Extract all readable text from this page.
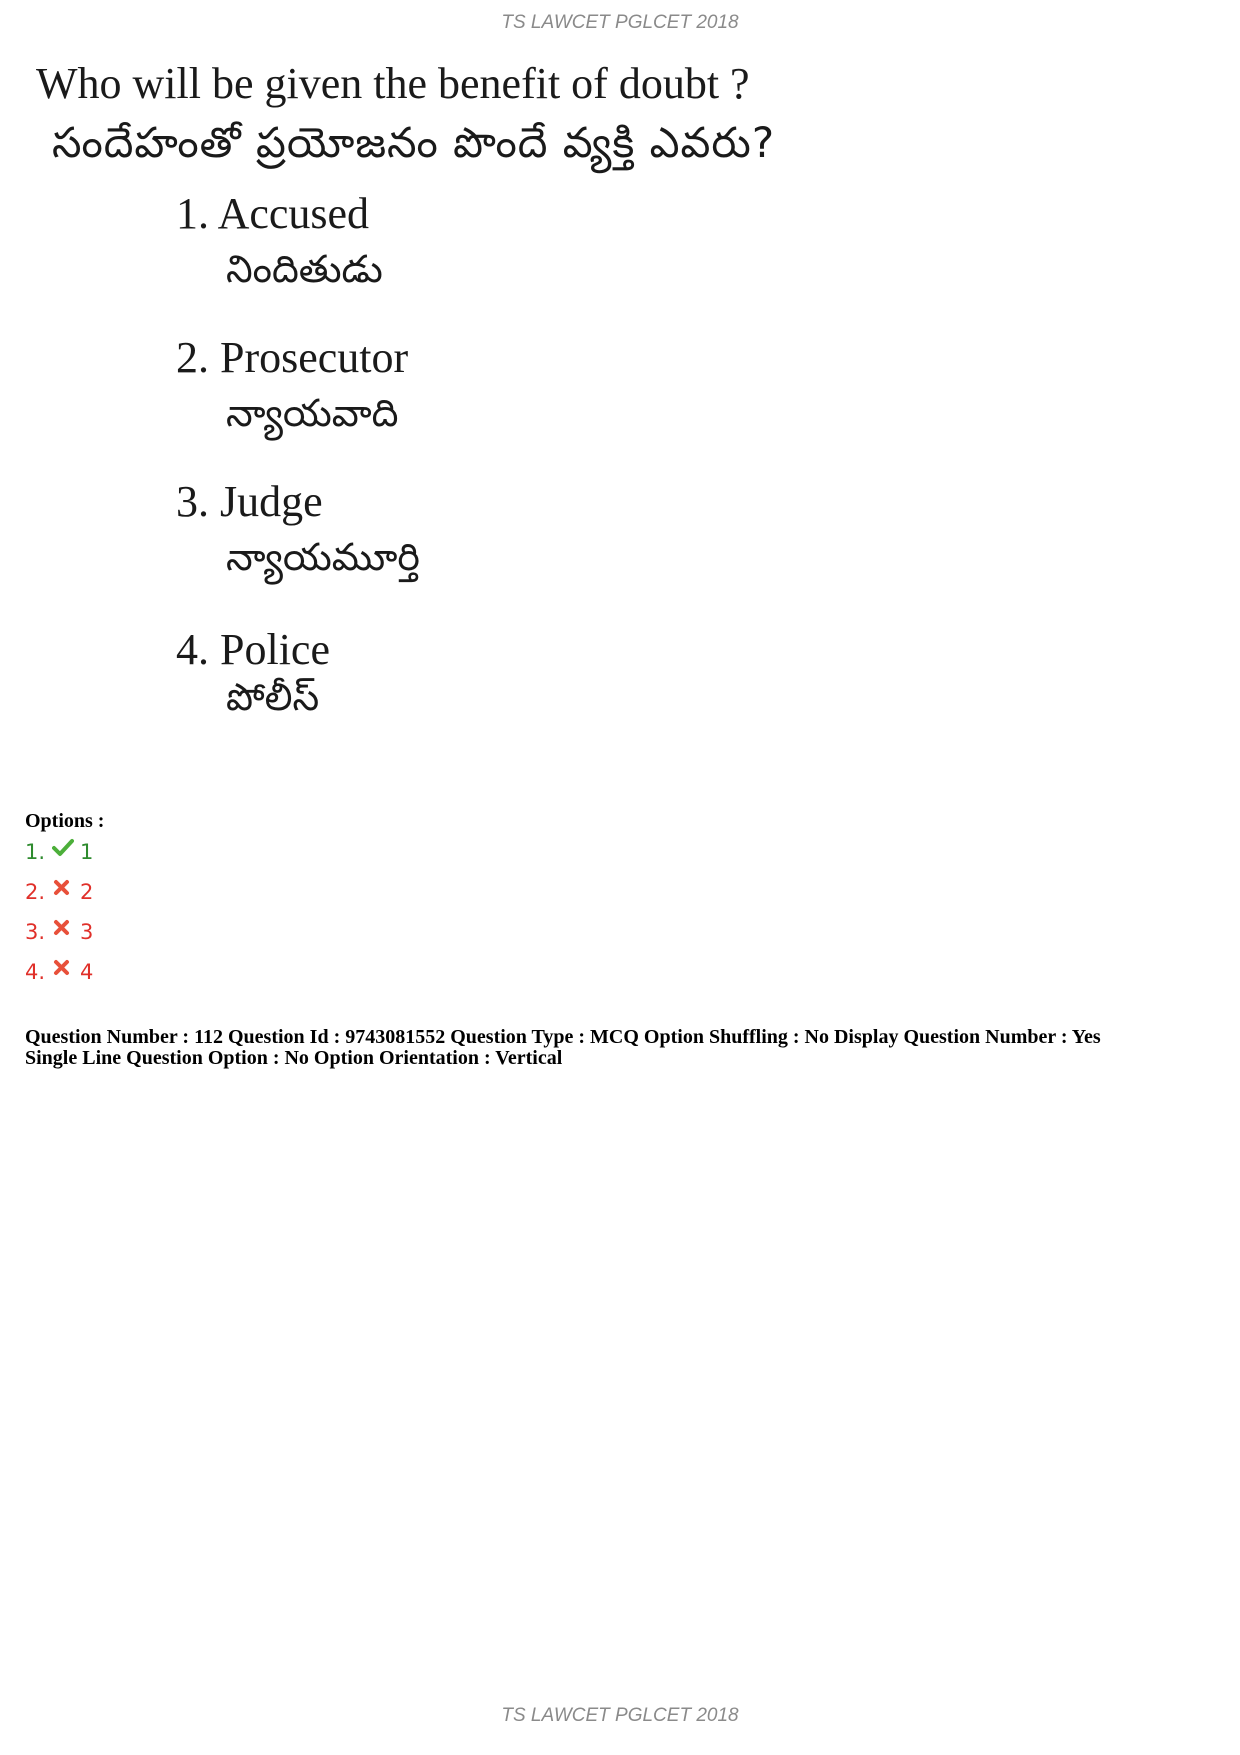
TS LAWCET PGLCET 2018
Who will be given the benefit of doubt ?
సందేహంతో ప్రయోజనం పొందే వ్యక్తి ఎవరు?
1. Accused
నిందితుడు
2. Prosecutor
న్యాయవాది
3. Judge
న్యాయమూర్తి
4. Police
పోలీస్
Options :
1.	1
2.	2
3.	3
4.	4
Question Number : 112 Question Id : 9743081552 Question Type : MCQ Option Shuffling : No Display Question Number : Yes
Single Line Question Option : No Option Orientation : Vertical
TS LAWCET PGLCET 2018
